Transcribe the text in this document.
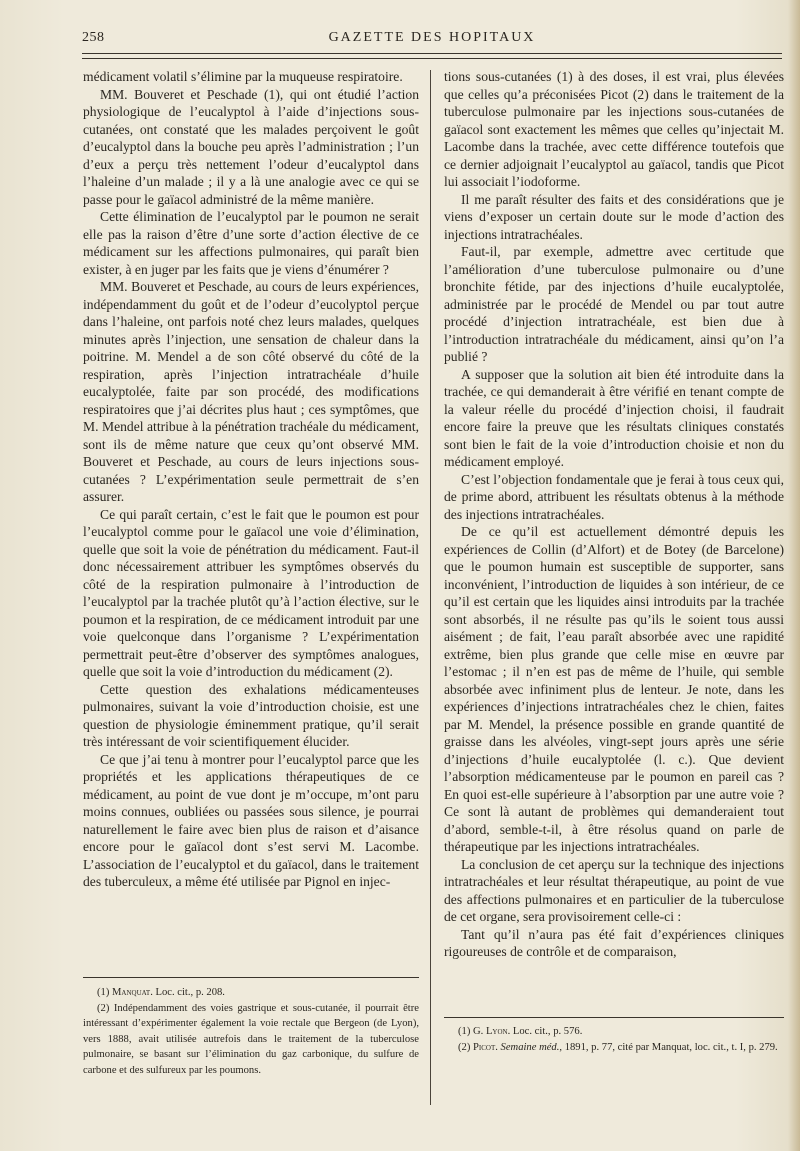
258	GAZETTE DES HOPITAUX

médicament volatil s’élimine par la muqueuse respiratoire.

MM. Bouveret et Peschade (1), qui ont étudié l’action physiologique de l’eucalyptol à l’aide d’injections sous-cutanées, ont constaté que les malades perçoivent le goût d’eucalyptol dans la bouche peu après l’administration ; l’un d’eux a perçu très nettement l’odeur d’eucalyptol dans l’haleine d’un malade ; il y a là une analogie avec ce qui se passe pour le gaïacol administré de la même manière.

Cette élimination de l’eucalyptol par le poumon ne serait elle pas la raison d’être d’une sorte d’action élective de ce médicament sur les affections pulmonaires, qui paraît bien exister, à en juger par les faits que je viens d’énumérer ?

MM. Bouveret et Peschade, au cours de leurs expériences, indépendamment du goût et de l’odeur d’eucolyptol perçue dans l’haleine, ont parfois noté chez leurs malades, quelques minutes après l’injection, une sensation de chaleur dans la poitrine. M. Mendel a de son côté observé du côté de la respiration, après l’injection intratrachéale d’huile eucalyptolée, faite par son procédé, des modifications respiratoires que j’ai décrites plus haut ; ces symptômes, que M. Mendel attribue à la pénétration trachéale du médicament, sont ils de même nature que ceux qu’ont observé MM. Bouveret et Peschade, au cours de leurs injections sous-cutanées ? L’expérimentation seule permettrait de s’en assurer.

Ce qui paraît certain, c’est le fait que le poumon est pour l’eucalyptol comme pour le gaïacol une voie d’élimination, quelle que soit la voie de pénétration du médicament. Faut-il donc nécessairement attribuer les symptômes observés du côté de la respiration pulmonaire à l’introduction de l’eucalyptol par la trachée plutôt qu’à l’action élective, sur le poumon et la respiration, de ce médicament introduit par une voie quelconque dans l’organisme ? L’expérimentation permettrait peut-être d’observer des symptômes analogues, quelle que soit la voie d’introduction du médicament (2).

Cette question des exhalations médicamenteuses pulmonaires, suivant la voie d’introduction choisie, est une question de physiologie éminemment pratique, qu’il serait très intéressant de voir scientifiquement élucider.

Ce que j’ai tenu à montrer pour l’eucalyptol parce que les propriétés et les applications thérapeutiques de ce médicament, au point de vue dont je m’occupe, m’ont paru moins connues, oubliées ou passées sous silence, je pourrai naturellement le faire avec bien plus de raison et d’aisance encore pour le gaïacol dont s’est servi M. Lacombe. L’association de l’eucalyptol et du gaïacol, dans le traitement des tuberculeux, a même été utilisée par Pignol en injec-

tions sous-cutanées (1) à des doses, il est vrai, plus élevées que celles qu’a préconisées Picot (2) dans le traitement de la tuberculose pulmonaire par les injections sous-cutanées de gaïacol sont exactement les mêmes que celles qu’injectait M. Lacombe dans la trachée, avec cette différence toutefois que ce dernier adjoignait l’eucalyptol au gaïacol, tandis que Picot lui associait l’iodoforme.

Il me paraît résulter des faits et des considérations que je viens d’exposer un certain doute sur le mode d’action des injections intratrachéales.

Faut-il, par exemple, admettre avec certitude que l’amélioration d’une tuberculose pulmonaire ou d’une bronchite fétide, par des injections d’huile eucalyptolée, administrée par le procédé de Mendel ou par tout autre procédé d’injection intratrachéale, est bien due à l’introduction intratrachéale du médicament, ainsi qu’on l’a publié ?

A supposer que la solution ait bien été introduite dans la trachée, ce qui demanderait à être vérifié en tenant compte de la valeur réelle du procédé d’injection choisi, il faudrait encore faire la preuve que les résultats cliniques constatés sont bien le fait de la voie d’introduction choisie et non du médicament employé.

C’est l’objection fondamentale que je ferai à tous ceux qui, de prime abord, attribuent les résultats obtenus à la méthode des injections intratrachéales.

De ce qu’il est actuellement démontré depuis les expériences de Collin (d’Alfort) et de Botey (de Barcelone) que le poumon humain est susceptible de supporter, sans inconvénient, l’introduction de liquides à son intérieur, de ce qu’il est certain que les liquides ainsi introduits par la trachée sont absorbés, il ne résulte pas qu’ils le soient tous aussi aisément ; de fait, l’eau paraît absorbée avec une rapidité extrême, bien plus grande que celle mise en œuvre par l’estomac ; il n’en est pas de même de l’huile, qui semble absorbée avec infiniment plus de lenteur. Je note, dans les expériences d’injections intratrachéales chez le chien, faites par M. Mendel, la présence possible en grande quantité de graisse dans les alvéoles, vingt-sept jours après une série d’injections d’huile eucalyptolée (l. c.). Que devient l’absorption médicamenteuse par le poumon en pareil cas ? En quoi est-elle supérieure à l’absorption par une autre voie ? Ce sont là autant de problèmes qui demanderaient tout d’abord, semble-t-il, à être résolus quand on parle de thérapeutique par les injections intratrachéales.

La conclusion de cet aperçu sur la technique des injections intratrachéales et leur résultat thérapeutique, au point de vue des affections pulmonaires et en particulier de la tuberculose de cet organe, sera provisoirement celle-ci :

Tant qu’il n’aura pas été fait d’expériences cliniques rigoureuses de contrôle et de comparaison,

(1) Manquat. Loc. cit., p. 208.

(2) Indépendamment des voies gastrique et sous-cutanée, il pourrait être intéressant d’expérimenter également la voie rectale que Bergeon (de Lyon), vers 1888, avait utilisée autrefois dans le traitement de la tuberculose pulmonaire, se basant sur l’élimination du gaz carbonique, du sulfure de carbone et des sulfureux par les poumons.

(1) G. Lyon. Loc. cit., p. 576.

(2) Picot. Semaine méd., 1891, p. 77, cité par Manquat, loc. cit., t. I, p. 279.
